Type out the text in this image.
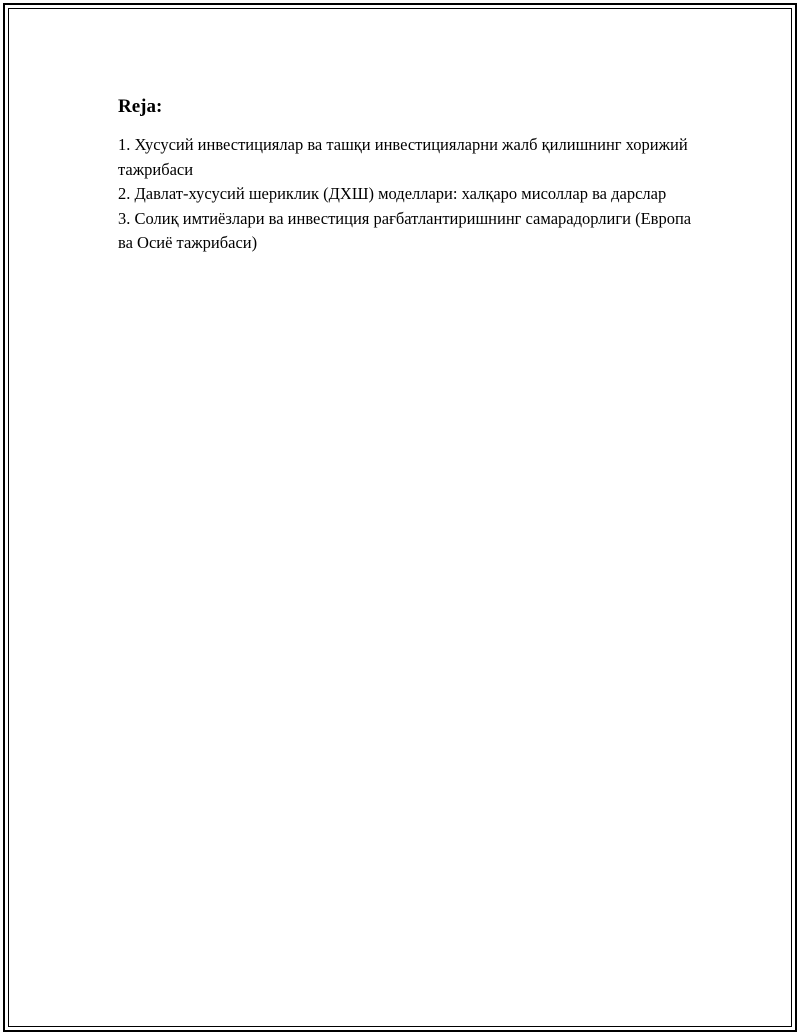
Reja:
1. Хусусий инвестициялар ва ташқи инвестицияларни жалб қилишнинг хорижий тажрибаси
2. Давлат-хусусий шериклик (ДХШ) моделлари: халқаро мисоллар ва дарслар
3. Солиқ имтиёзлари ва инвестиция рағбатлантиришнинг самарадорлиги (Европа ва Осиё тажрибаси)
